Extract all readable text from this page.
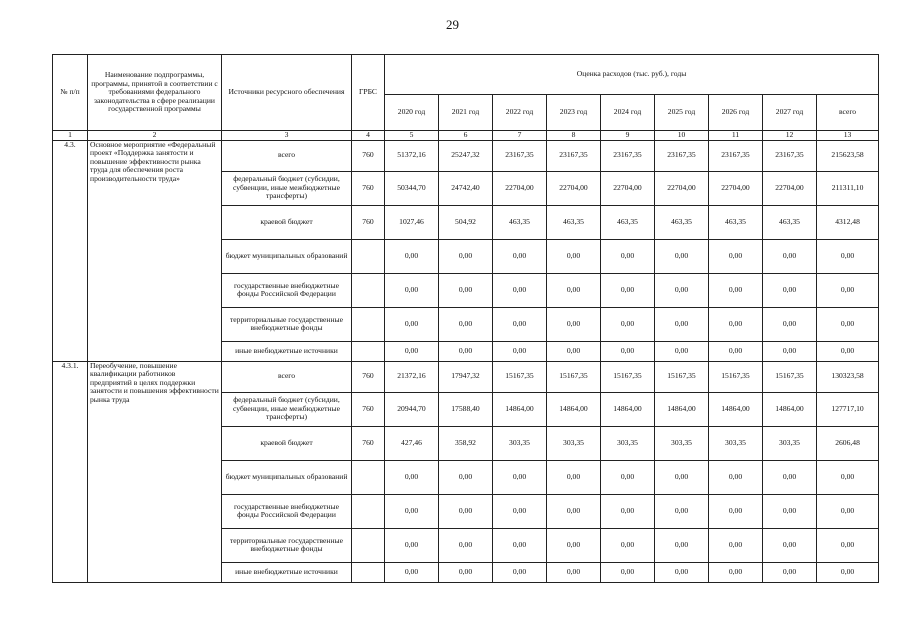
29
№ п/п	Наименование подпрограммы, программы, принятой в соответствии с требованиями федерального законодательства в сфере реализации государственной программы	Источники ресурсного обеспечения	ГРБС	Оценка расходов (тыс. руб.), годы								
				2020 год	2021 год	2022 год	2023 год	2024 год	2025 год	2026 год	2027 год	всего
1	2	3	4	5	6	7	8	9	10	11	12	13
4.3.	Основное мероприятие «Федеральный проект «Поддержка занятости и повышение эффективности рынка труда для обеспечения роста производительности труда»	всего	760	51372,16	25247,32	23167,35	23167,35	23167,35	23167,35	23167,35	23167,35	215623,58
		федеральный бюджет (субсидии, субвенции, иные межбюджетные трансферты)	760	50344,70	24742,40	22704,00	22704,00	22704,00	22704,00	22704,00	22704,00	211311,10
		краевой бюджет	760	1027,46	504,92	463,35	463,35	463,35	463,35	463,35	463,35	4312,48
		бюджет муниципальных образований		0,00	0,00	0,00	0,00	0,00	0,00	0,00	0,00	0,00
		государственные внебюджетные фонды Российской Федерации		0,00	0,00	0,00	0,00	0,00	0,00	0,00	0,00	0,00
		территориальные государственные внебюджетные фонды		0,00	0,00	0,00	0,00	0,00	0,00	0,00	0,00	0,00
		иные внебюджетные источники		0,00	0,00	0,00	0,00	0,00	0,00	0,00	0,00	0,00
4.3.1.	Переобучение, повышение квалификации работников предприятий в целях поддержки занятости и повышения эффективности рынка труда	всего	760	21372,16	17947,32	15167,35	15167,35	15167,35	15167,35	15167,35	15167,35	130323,58
		федеральный бюджет (субсидии, субвенции, иные межбюджетные трансферты)	760	20944,70	17588,40	14864,00	14864,00	14864,00	14864,00	14864,00	14864,00	127717,10
		краевой бюджет	760	427,46	358,92	303,35	303,35	303,35	303,35	303,35	303,35	2606,48
		бюджет муниципальных образований		0,00	0,00	0,00	0,00	0,00	0,00	0,00	0,00	0,00
		государственные внебюджетные фонды Российской Федерации		0,00	0,00	0,00	0,00	0,00	0,00	0,00	0,00	0,00
		территориальные государственные внебюджетные фонды		0,00	0,00	0,00	0,00	0,00	0,00	0,00	0,00	0,00
		иные внебюджетные источники		0,00	0,00	0,00	0,00	0,00	0,00	0,00	0,00	0,00
